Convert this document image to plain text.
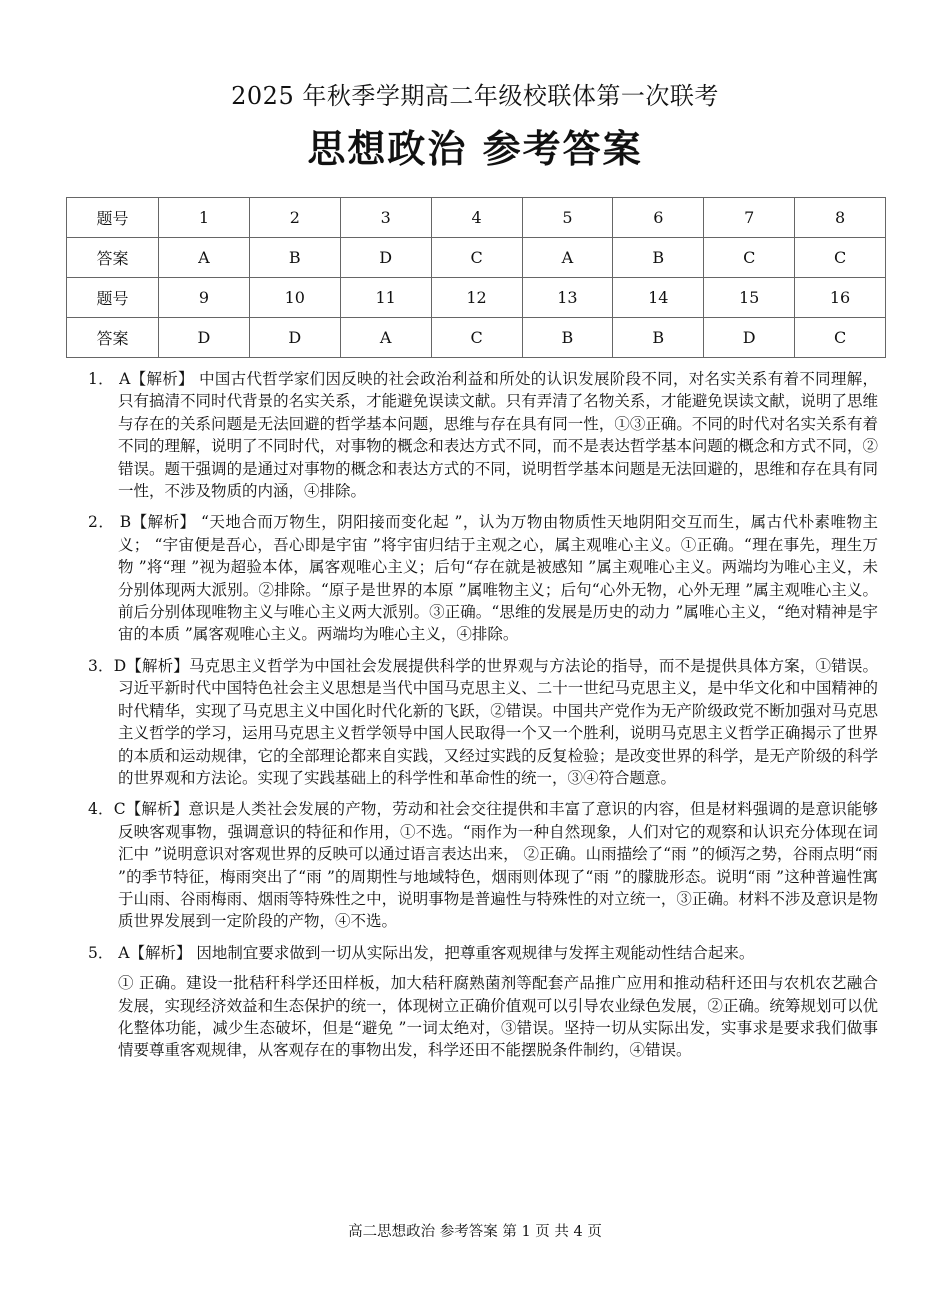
2025 年秋季学期高二年级校联体第一次联考
思想政治 参考答案
题号	1	2	3	4	5	6	7	8
答案	A	B	D	C	A	B	C	C
题号	9	10	11	12	13	14	15	16
答案	D	D	A	C	B	B	D	C
1． A【解析】 中国古代哲学家们因反映的社会政治利益和所处的认识发展阶段不同，对名实关系有着不同理解，只有搞清不同时代背景的名实关系，才能避免误读文献。只有弄清了名物关系，才能避免误读文献，说明了思维与存在的关系问题是无法回避的哲学基本问题，思维与存在具有同一性，①③正确。不同的时代对名实关系有着不同的理解，说明了不同时代，对事物的概念和表达方式不同，而不是表达哲学基本问题的概念和方式不同，②错误。题干强调的是通过对事物的概念和表达方式的不同，说明哲学基本问题是无法回避的，思维和存在具有同一性，不涉及物质的内涵，④排除。
2． B【解析】 “天地合而万物生，阴阳接而变化起 ”，认为万物由物质性天地阴阳交互而生，属古代朴素唯物主义； “宇宙便是吾心，吾心即是宇宙 ”将宇宙归结于主观之心，属主观唯心主义。①正确。“理在事先，理生万物 ”将“理 ”视为超验本体，属客观唯心主义；后句“存在就是被感知 ”属主观唯心主义。两端均为唯心主义，未分别体现两大派别。②排除。“原子是世界的本原 ”属唯物主义；后句“心外无物，心外无理 ”属主观唯心主义。前后分别体现唯物主义与唯心主义两大派别。③正确。“思维的发展是历史的动力 ”属唯心主义，“绝对精神是宇宙的本质 ”属客观唯心主义。两端均为唯心主义，④排除。
3．D【解析】马克思主义哲学为中国社会发展提供科学的世界观与方法论的指导，而不是提供具体方案，①错误。习近平新时代中国特色社会主义思想是当代中国马克思主义、二十一世纪马克思主义，是中华文化和中国精神的时代精华，实现了马克思主义中国化时代化新的飞跃，②错误。中国共产党作为无产阶级政党不断加强对马克思主义哲学的学习，运用马克思主义哲学领导中国人民取得一个又一个胜利，说明马克思主义哲学正确揭示了世界的本质和运动规律，它的全部理论都来自实践，又经过实践的反复检验；是改变世界的科学，是无产阶级的科学的世界观和方法论。实现了实践基础上的科学性和革命性的统一，③④符合题意。
4．C【解析】意识是人类社会发展的产物，劳动和社会交往提供和丰富了意识的内容，但是材料强调的是意识能够反映客观事物，强调意识的特征和作用，①不选。“雨作为一种自然现象，人们对它的观察和认识充分体现在词汇中 ”说明意识对客观世界的反映可以通过语言表达出来， ②正确。山雨描绘了“雨 ”的倾泻之势，谷雨点明“雨 ”的季节特征，梅雨突出了“雨 ”的周期性与地域特色，烟雨则体现了“雨 ”的朦胧形态。说明“雨 ”这种普遍性寓于山雨、谷雨梅雨、烟雨等特殊性之中，说明事物是普遍性与特殊性的对立统一，③正确。材料不涉及意识是物质世界发展到一定阶段的产物，④不选。
5． A【解析】 因地制宜要求做到一切从实际出发，把尊重客观规律与发挥主观能动性结合起来。
① 正确。建设一批秸秆科学还田样板，加大秸秆腐熟菌剂等配套产品推广应用和推动秸秆还田与农机农艺融合发展，实现经济效益和生态保护的统一，体现树立正确价值观可以引导农业绿色发展，②正确。统筹规划可以优化整体功能，减少生态破坏，但是“避免 ”一词太绝对，③错误。坚持一切从实际出发，实事求是要求我们做事情要尊重客观规律，从客观存在的事物出发，科学还田不能摆脱条件制约，④错误。
高二思想政治 参考答案 第 1 页 共 4 页
